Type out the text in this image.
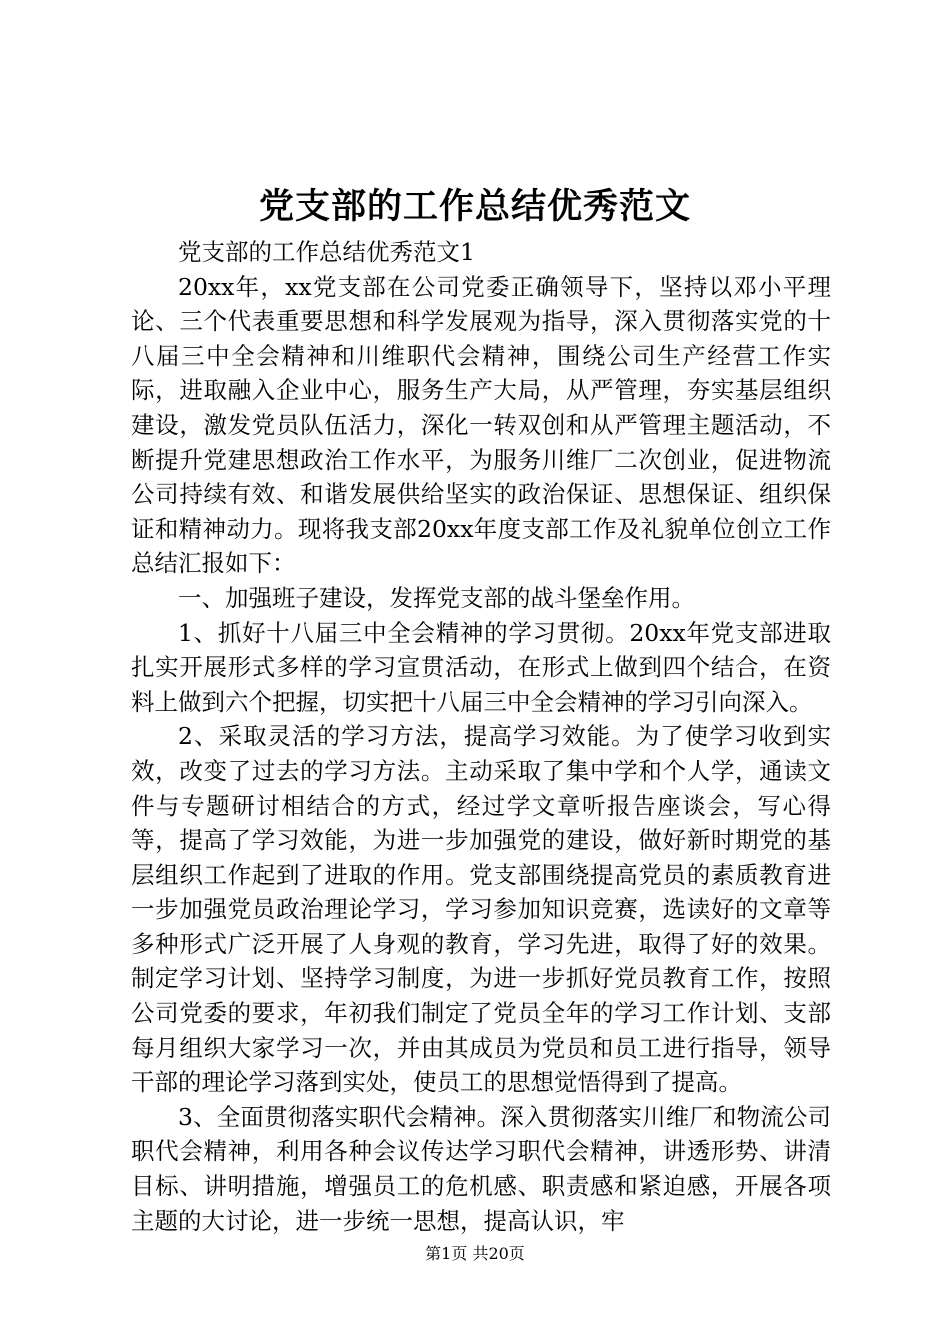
党支部的工作总结优秀范文

党支部的工作总结优秀范文1

20xx年，xx党支部在公司党委正确领导下，坚持以邓小平理论、三个代表重要思想和科学发展观为指导，深入贯彻落实党的十八届三中全会精神和川维职代会精神，围绕公司生产经营工作实际，进取融入企业中心，服务生产大局，从严管理，夯实基层组织建设，激发党员队伍活力，深化一转双创和从严管理主题活动，不断提升党建思想政治工作水平，为服务川维厂二次创业，促进物流公司持续有效、和谐发展供给坚实的政治保证、思想保证、组织保证和精神动力。现将我支部20xx年度支部工作及礼貌单位创立工作总结汇报如下：

一、加强班子建设，发挥党支部的战斗堡垒作用。

1、抓好十八届三中全会精神的学习贯彻。20xx年党支部进取扎实开展形式多样的学习宣贯活动，在形式上做到四个结合，在资料上做到六个把握，切实把十八届三中全会精神的学习引向深入。

2、采取灵活的学习方法，提高学习效能。为了使学习收到实效，改变了过去的学习方法。主动采取了集中学和个人学，通读文件与专题研讨相结合的方式，经过学文章听报告座谈会，写心得等，提高了学习效能，为进一步加强党的建设，做好新时期党的基层组织工作起到了进取的作用。党支部围绕提高党员的素质教育进一步加强党员政治理论学习，学习参加知识竞赛，选读好的文章等多种形式广泛开展了人身观的教育，学习先进，取得了好的效果。制定学习计划、坚持学习制度，为进一步抓好党员教育工作，按照公司党委的要求，年初我们制定了党员全年的学习工作计划、支部每月组织大家学习一次，并由其成员为党员和员工进行指导，领导干部的理论学习落到实处，使员工的思想觉悟得到了提高。

3、全面贯彻落实职代会精神。深入贯彻落实川维厂和物流公司职代会精神，利用各种会议传达学习职代会精神，讲透形势、讲清目标、讲明措施，增强员工的危机感、职责感和紧迫感，开展各项主题的大讨论，进一步统一思想，提高认识，牢

第1页 共20页
